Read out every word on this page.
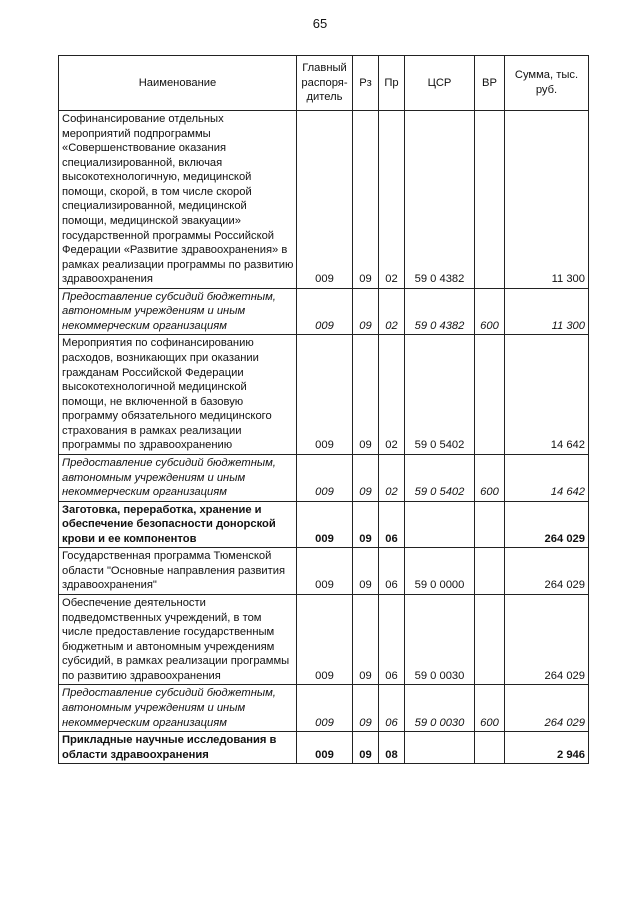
65
Наименование	Главный распоря-дитель	Рз	Пр	ЦСР	ВР	Сумма, тыс. руб.
Софинансирование отдельных мероприятий подпрограммы «Совершенствование оказания специализированной, включая высокотехнологичную, медицинской помощи, скорой, в том числе скорой специализированной, медицинской помощи, медицинской эвакуации» государственной программы Российской Федерации «Развитие здравоохранения» в рамках реализации программы по развитию здравоохранения	009	09	02	59 0 4382		11 300
Предоставление субсидий бюджетным, автономным учреждениям и иным некоммерческим организациям	009	09	02	59 0 4382	600	11 300
Мероприятия по софинансированию расходов, возникающих при оказании гражданам Российской Федерации высокотехнологичной медицинской помощи, не включенной в базовую программу обязательного медицинского страхования в рамках реализации программы по здравоохранению	009	09	02	59 0 5402		14 642
Предоставление субсидий бюджетным, автономным учреждениям и иным некоммерческим организациям	009	09	02	59 0 5402	600	14 642
Заготовка, переработка, хранение и обеспечение безопасности донорской крови и ее компонентов	009	09	06			264 029
Государственная программа Тюменской области "Основные направления развития здравоохранения"	009	09	06	59 0 0000		264 029
Обеспечение деятельности подведомственных учреждений, в том числе предоставление государственным бюджетным и автономным учреждениям субсидий, в рамках реализации программы по развитию здравоохранения	009	09	06	59 0 0030		264 029
Предоставление субсидий бюджетным, автономным учреждениям и иным некоммерческим организациям	009	09	06	59 0 0030	600	264 029
Прикладные научные исследования в области здравоохранения	009	09	08			2 946
